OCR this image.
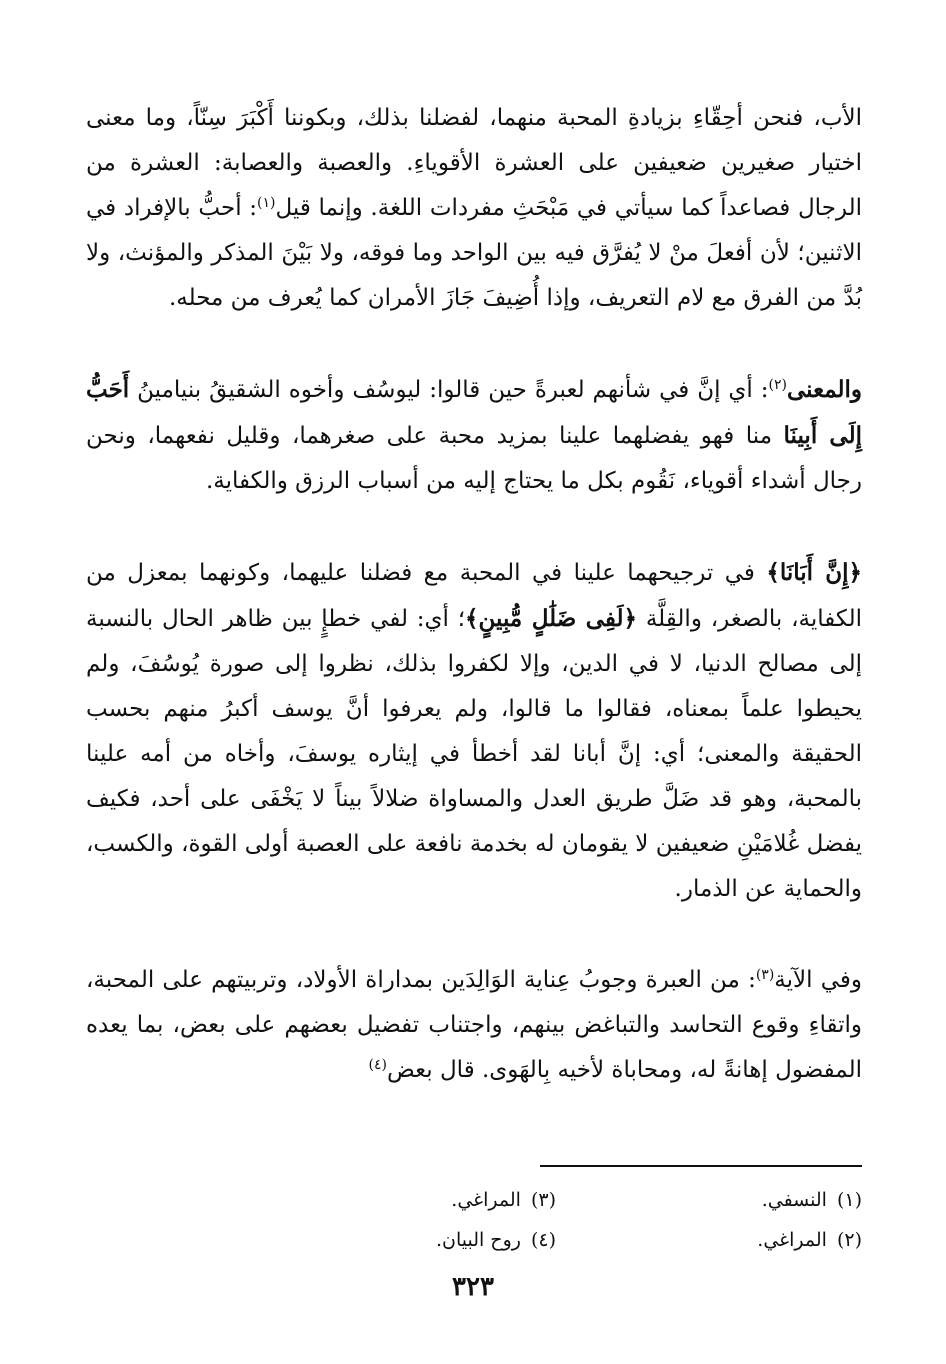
الأب، فنحن أحِقّاءِ بزيادةِ المحبة منهما، لفضلنا بذلك، وبكوننا أَكْبَرَ سِنّاً، وما معنى اختيار صغيرين ضعيفين على العشرة الأقوياءِ. والعصبة والعصابة: العشرة من الرجال فصاعداً كما سيأتي في مَبْحَثِ مفردات اللغة. وإنما قيل$^{(١)}$: أحبُّ بالإفراد في الاثنين؛ لأن أفعلَ منْ لا يُفرَّق فيه بين الواحد وما فوقه، ولا بَيْنَ المذكر والمؤنث، ولا بُدَّ من الفرق مع لام التعريف، وإذا أُضِيفَ جَازَ الأمران كما يُعرف من محله.

والمعنى$^{(٢)}$: أي إنَّ في شأنهم لعبرةً حين قالوا: ليوسُف وأخوه الشقيقُ بنيامينُ أَحَبُّ إِلَى أَبِينَا منا فهو يفضلهما علينا بمزيد محبة على صغرهما، وقليل نفعهما، ونحن رجال أشداء أقوياء، نَقُوم بكل ما يحتاج إليه من أسباب الرزق والكفاية.

﴿إِنَّ أَبَانَا﴾ في ترجيحهما علينا في المحبة مع فضلنا عليهما، وكونهما بمعزل من الكفاية، بالصغر، والقِلَّة ﴿لَفِى ضَلَٰلٍ مُّبِينٍ﴾؛ أي: لفي خطإٍ بين ظاهر الحال بالنسبة إلى مصالح الدنيا، لا في الدين، وإلا لكفروا بذلك، نظروا إلى صورة يُوسُفَ، ولم يحيطوا علماً بمعناه، فقالوا ما قالوا، ولم يعرفوا أنَّ يوسف أكبرُ منهم بحسب الحقيقة والمعنى؛ أي: إنَّ أبانا لقد أخطأ في إيثاره يوسفَ، وأخاه من أمه علينا بالمحبة، وهو قد ضَلَّ طريق العدل والمساواة ضلالاً بيناً لا يَخْفَى على أحد، فكيف يفضل غُلامَيْنِ ضعيفين لا يقومان له بخدمة نافعة على العصبة أولى القوة، والكسب، والحماية عن الذمار.

وفي الآية$^{(٣)}$: من العبرة وجوبُ عِناية الوَالِدَين بمداراة الأولاد، وتربيتهم على المحبة، واتقاءِ وقوع التحاسد والتباغض بينهم، واجتناب تفضيل بعضهم على بعض، بما يعده المفضول إهانةً له، ومحاباة لأخيه بِالهَوى. قال بعض$^{(٤)}$

(١)
النسفي.
(٣)
المراغي.
(٢)
المراغي.
(٤)
روح البيان.
٣٢٣
